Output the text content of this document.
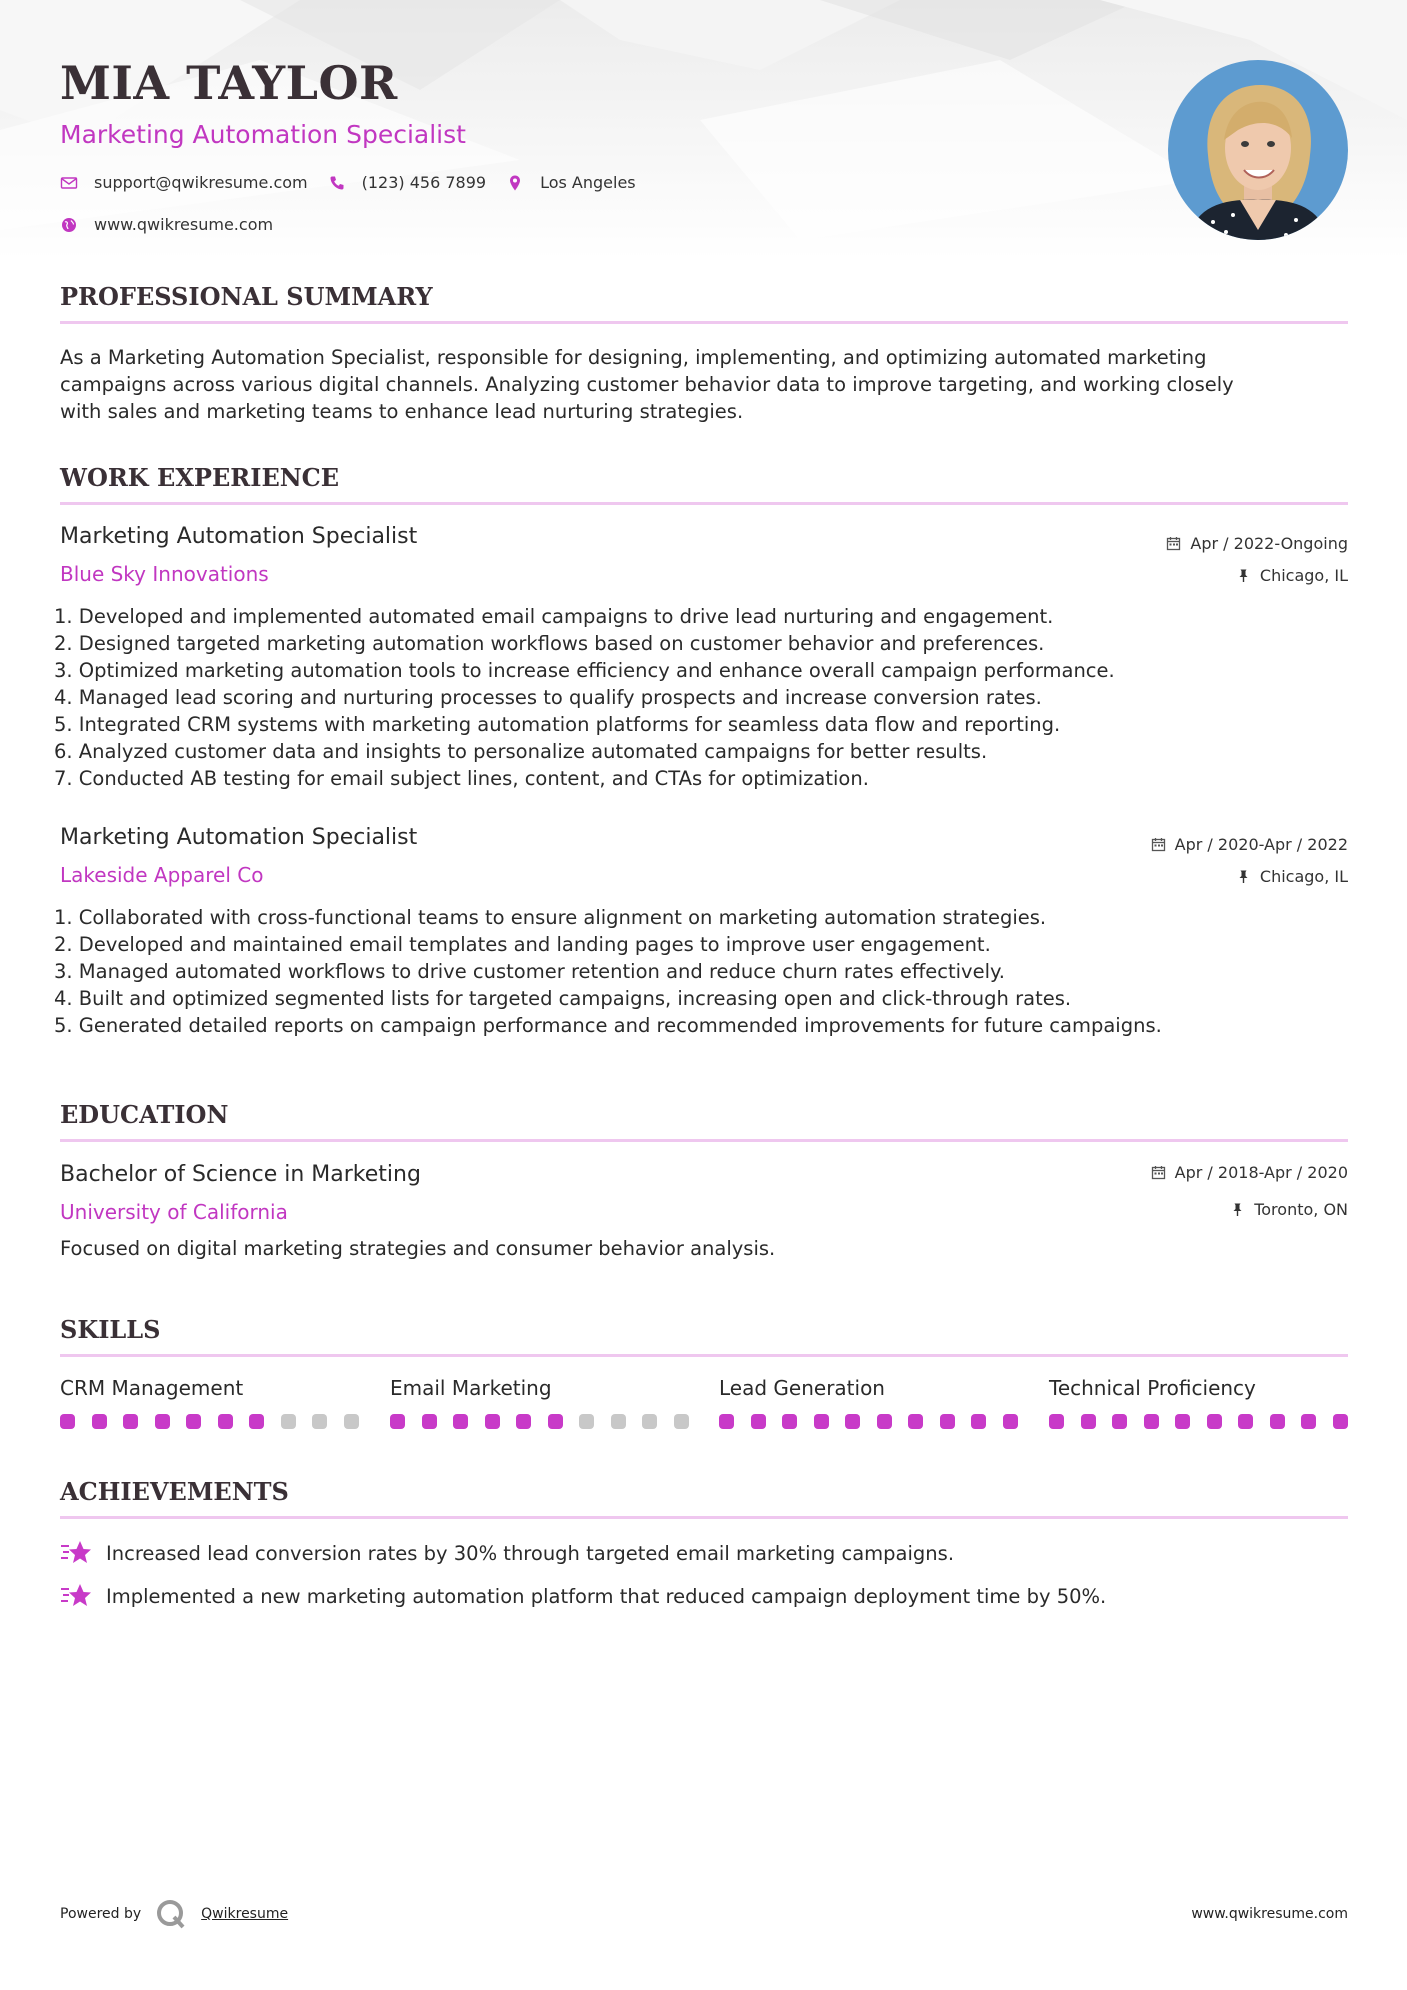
MIA TAYLOR
Marketing Automation Specialist
support@qwikresume.com	(123) 456 7899	Los Angeles
www.qwikresume.com
PROFESSIONAL SUMMARY
As a Marketing Automation Specialist, responsible for designing, implementing, and optimizing automated marketing
campaigns across various digital channels. Analyzing customer behavior data to improve targeting, and working closely
with sales and marketing teams to enhance lead nurturing strategies.
WORK EXPERIENCE
Marketing Automation Specialist
Blue Sky Innovations
Apr / 2022-Ongoing
Chicago, IL
1. Developed and implemented automated email campaigns to drive lead nurturing and engagement.
2. Designed targeted marketing automation workflows based on customer behavior and preferences.
3. Optimized marketing automation tools to increase efficiency and enhance overall campaign performance.
4. Managed lead scoring and nurturing processes to qualify prospects and increase conversion rates.
5. Integrated CRM systems with marketing automation platforms for seamless data flow and reporting.
6. Analyzed customer data and insights to personalize automated campaigns for better results.
7. Conducted AB testing for email subject lines, content, and CTAs for optimization.
Marketing Automation Specialist
Lakeside Apparel Co
Apr / 2020-Apr / 2022
Chicago, IL
1. Collaborated with cross-functional teams to ensure alignment on marketing automation strategies.
2. Developed and maintained email templates and landing pages to improve user engagement.
3. Managed automated workflows to drive customer retention and reduce churn rates effectively.
4. Built and optimized segmented lists for targeted campaigns, increasing open and click-through rates.
5. Generated detailed reports on campaign performance and recommended improvements for future campaigns.
EDUCATION
Bachelor of Science in Marketing
University of California
Apr / 2018-Apr / 2020
Toronto, ON
Focused on digital marketing strategies and consumer behavior analysis.
SKILLS
CRM Management	Email Marketing	Lead Generation	Technical Proficiency
ACHIEVEMENTS
Increased lead conversion rates by 30% through targeted email marketing campaigns.
Implemented a new marketing automation platform that reduced campaign deployment time by 50%.
Powered by	Qwikresume	www.qwikresume.com
